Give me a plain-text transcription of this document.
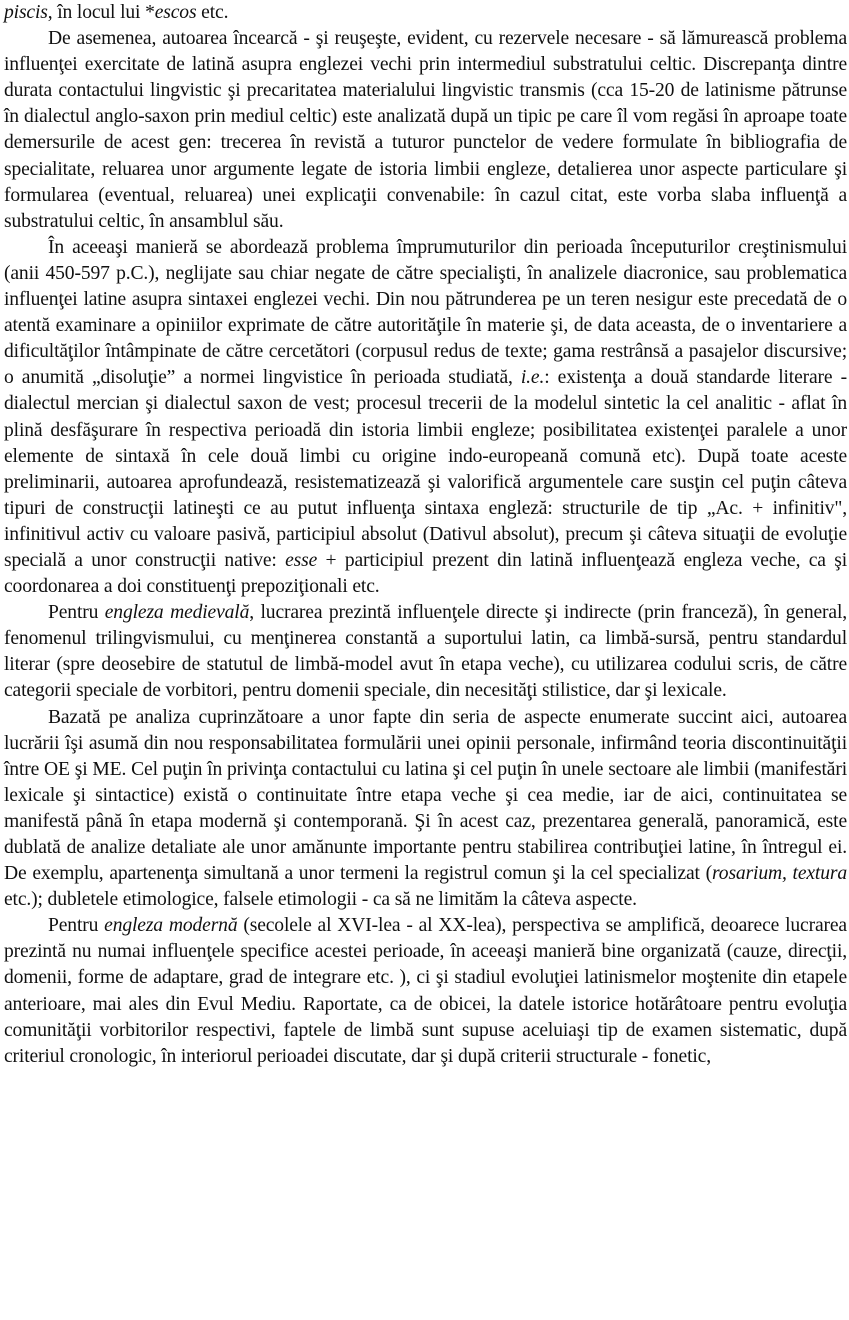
piscis, în locul lui *escos etc.

De asemenea, autoarea încearcă - şi reuşeşte, evident, cu rezervele necesare - să lămurească problema influenţei exercitate de latină asupra englezei vechi prin intermediul substratului celtic. Discrepanţa dintre durata contactului lingvistic şi precaritatea materialului lingvistic transmis (cca 15-20 de latinisme pătrunse în dialectul anglo-saxon prin mediul celtic) este analizată după un tipic pe care îl vom regăsi în aproape toate demersurile de acest gen: trecerea în revistă a tuturor punctelor de vedere formulate în bibliografia de specialitate, reluarea unor argumente legate de istoria limbii engleze, detalierea unor aspecte particulare şi formularea (eventual, reluarea) unei explicaţii convenabile: în cazul citat, este vorba slaba influenţă a substratului celtic, în ansamblul său.

În aceeaşi manieră se abordează problema împrumuturilor din perioada începuturilor creştinismului (anii 450-597 p.C.), neglijate sau chiar negate de către specialişti, în analizele diacronice, sau problematica influenţei latine asupra sintaxei englezei vechi. Din nou pătrunderea pe un teren nesigur este precedată de o atentă examinare a opiniilor exprimate de către autorităţile în materie şi, de data aceasta, de o inventariere a dificultăţilor întâmpinate de către cercetători (corpusul redus de texte; gama restrânsă a pasajelor discursive; o anumită „disoluţie” a normei lingvistice în perioada studiată, i.e.: existenţa a două standarde literare - dialectul mercian şi dialectul saxon de vest; procesul trecerii de la modelul sintetic la cel analitic - aflat în plină desfăşurare în respectiva perioadă din istoria limbii engleze; posibilitatea existenţei paralele a unor elemente de sintaxă în cele două limbi cu origine indo-europeană comună etc). După toate aceste preliminarii, autoarea aprofundează, resistematizează şi valorifică argumentele care susţin cel puţin câteva tipuri de construcţii latineşti ce au putut influenţa sintaxa engleză: structurile de tip „Ac. + infinitiv", infinitivul activ cu valoare pasivă, participiul absolut (Dativul absolut), precum şi câteva situaţii de evoluţie specială a unor construcţii native: esse + participiul prezent din latină influenţează engleza veche, ca şi coordonarea a doi constituenţi prepoziţionali etc.

Pentru engleza medievală, lucrarea prezintă influenţele directe şi indirecte (prin franceză), în general, fenomenul trilingvismului, cu menţinerea constantă a suportului latin, ca limbă-sursă, pentru standardul literar (spre deosebire de statutul de limbă-model avut în etapa veche), cu utilizarea codului scris, de către categorii speciale de vorbitori, pentru domenii speciale, din necesităţi stilistice, dar şi lexicale.

Bazată pe analiza cuprinzătoare a unor fapte din seria de aspecte enumerate succint aici, autoarea lucrării îşi asumă din nou responsabilitatea formulării unei opinii personale, infirmând teoria discontinuităţii între OE şi ME. Cel puţin în privinţa contactului cu latina şi cel puţin în unele sectoare ale limbii (manifestări lexicale şi sintactice) există o continuitate între etapa veche şi cea medie, iar de aici, continuitatea se manifestă până în etapa modernă şi contemporană. Şi în acest caz, prezentarea generală, panoramică, este dublată de analize detaliate ale unor amănunte importante pentru stabilirea contribuţiei latine, în întregul ei. De exemplu, apartenenţa simultană a unor termeni la registrul comun şi la cel specializat (rosarium, textura etc.); dubletele etimologice, falsele etimologii - ca să ne limităm la câteva aspecte.

Pentru engleza modernă (secolele al XVI-lea - al XX-lea), perspectiva se amplifică, deoarece lucrarea prezintă nu numai influenţele specifice acestei perioade, în aceeaşi manieră bine organizată (cauze, direcţii, domenii, forme de adaptare, grad de integrare etc. ), ci şi stadiul evoluţiei latinismelor moştenite din etapele anterioare, mai ales din Evul Mediu. Raportate, ca de obicei, la datele istorice hotărâtoare pentru evoluţia comunităţii vorbitorilor respectivi, faptele de limbă sunt supuse aceluiaşi tip de examen sistematic, după criteriul cronologic, în interiorul perioadei discutate, dar şi după criterii structurale - fonetic,
